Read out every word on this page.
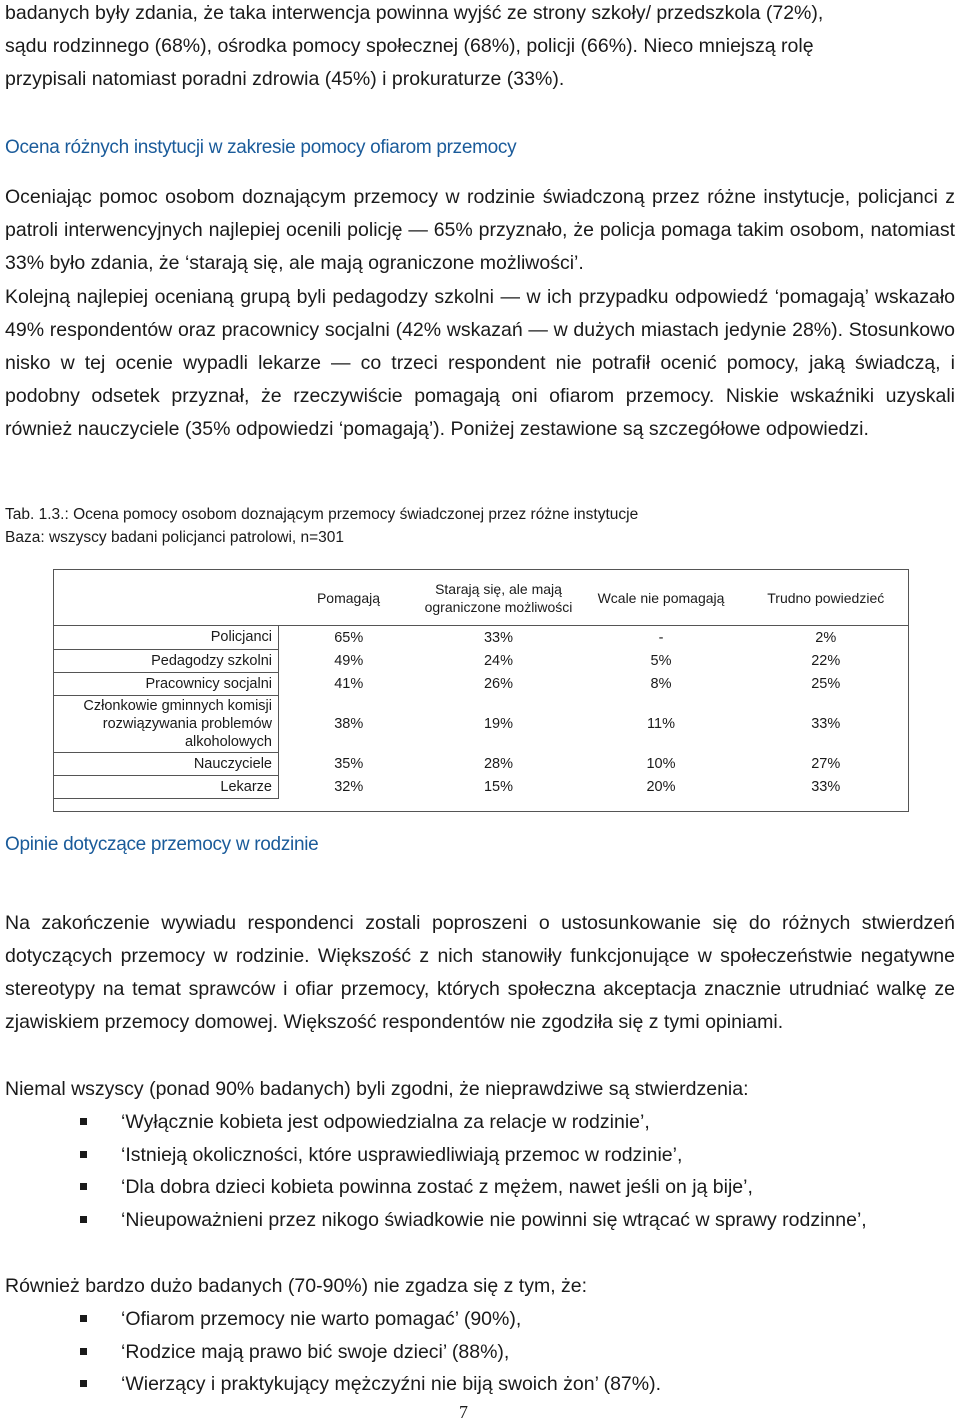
badanych były zdania, że taka interwencja powinna wyjść ze strony szkoły/ przedszkola (72%),
sądu rodzinnego (68%), ośrodka pomocy społecznej (68%), policji (66%). Nieco mniejszą rolę
przypisali natomiast poradni zdrowia (45%) i prokuraturze (33%).

Ocena różnych instytucji w zakresie pomocy ofiarom przemocy

Oceniając pomoc osobom doznającym przemocy w rodzinie świadczoną przez różne instytucje, policjanci z patroli interwencyjnych najlepiej ocenili policję — 65% przyznało, że policja pomaga takim osobom, natomiast 33% było zdania, że ‘starają się, ale mają ograniczone możliwości’.

Kolejną najlepiej ocenianą grupą byli pedagodzy szkolni — w ich przypadku odpowiedź ‘pomagają’ wskazało 49% respondentów oraz pracownicy socjalni (42% wskazań — w dużych miastach jedynie 28%). Stosunkowo nisko w tej ocenie wypadli lekarze — co trzeci respondent nie potrafił ocenić pomocy, jaką świadczą, i podobny odsetek przyznał, że rzeczywiście pomagają oni ofiarom przemocy. Niskie wskaźniki uzyskali również nauczyciele (35% odpowiedzi ‘pomagają’). Poniżej zestawione są szczegółowe odpowiedzi.

Tab. 1.3.: Ocena pomocy osobom doznającym przemocy świadczonej przez różne instytucje

Baza: wszyscy badani policjanci patrolowi, n=301

	Pomagają	Starają się, ale mają ograniczone możliwości	Wcale nie pomagają	Trudno powiedzieć
Policjanci	65%	33%	-	2%
Pedagodzy szkolni	49%	24%	5%	22%
Pracownicy socjalni	41%	26%	8%	25%
Członkowie gminnych komisji rozwiązywania problemów alkoholowych	38%	19%	11%	33%
Nauczyciele	35%	28%	10%	27%
Lekarze	32%	15%	20%	33%

Opinie dotyczące przemocy w rodzinie

Na zakończenie wywiadu respondenci zostali poproszeni o ustosunkowanie się do różnych stwierdzeń dotyczących przemocy w rodzinie. Większość z nich stanowiły funkcjonujące w społeczeństwie negatywne stereotypy na temat sprawców i ofiar przemocy, których społeczna akceptacja znacznie utrudniać walkę ze zjawiskiem przemocy domowej. Większość respondentów nie zgodziła się z tymi opiniami.

Niemal wszyscy (ponad 90% badanych) byli zgodni, że nieprawdziwe są stwierdzenia:

‘Wyłącznie kobieta jest odpowiedzialna za relacje w rodzinie’,
‘Istnieją okoliczności, które usprawiedliwiają przemoc w rodzinie’,
‘Dla dobra dzieci kobieta powinna zostać z mężem, nawet jeśli on ją bije’,
‘Nieupoważnieni przez nikogo świadkowie nie powinni się wtrącać w sprawy rodzinne’,

Również bardzo dużo badanych (70-90%) nie zgadza się z tym, że:

‘Ofiarom przemocy nie warto pomagać’ (90%),
‘Rodzice mają prawo bić swoje dzieci’ (88%),
‘Wierzący i praktykujący mężczyźni nie biją swoich żon’ (87%).
7
